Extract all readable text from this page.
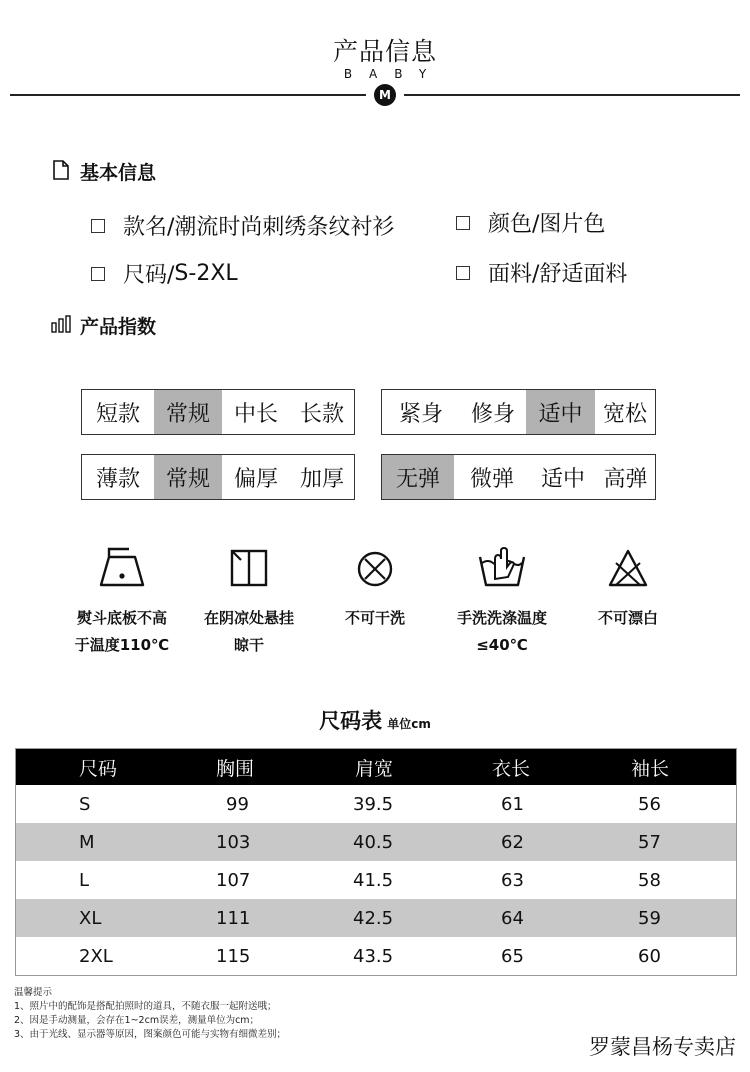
产品信息
BABY
M
基本信息
款名/ 潮流时尚刺绣条纹衬衫	颜色/ 图片色
尺码/ S-2XL	面料/ 舒适面料
产品指数
短款	常规	中长 长款	紧身	修身	适中 宽松
薄款	常规	偏厚 加厚	无弹	微弹	适中 高弹
熨斗底板不高
于温度110℃
在阴凉处悬挂
晾干
不可干洗	手洗洗涤温度
≤40℃
不可漂白
尺码表 单位cm
尺码	胸围	肩宽	衣长	袖长
S	99	39.5	61	56
M	103	40.5	62	57
L	107	41.5	63	58
XL	111	42.5	64	59
2XL	115	43.5	65	60
温馨提示
1、照片中的配饰是搭配拍照时的道具，不随衣服一起附送哦；
2、因是手动测量，会存在1~2cm误差，测量单位为cm；
3、由于光线、显示器等原因，图案颜色可能与实物有细微差别；
罗蒙昌杨专卖店
